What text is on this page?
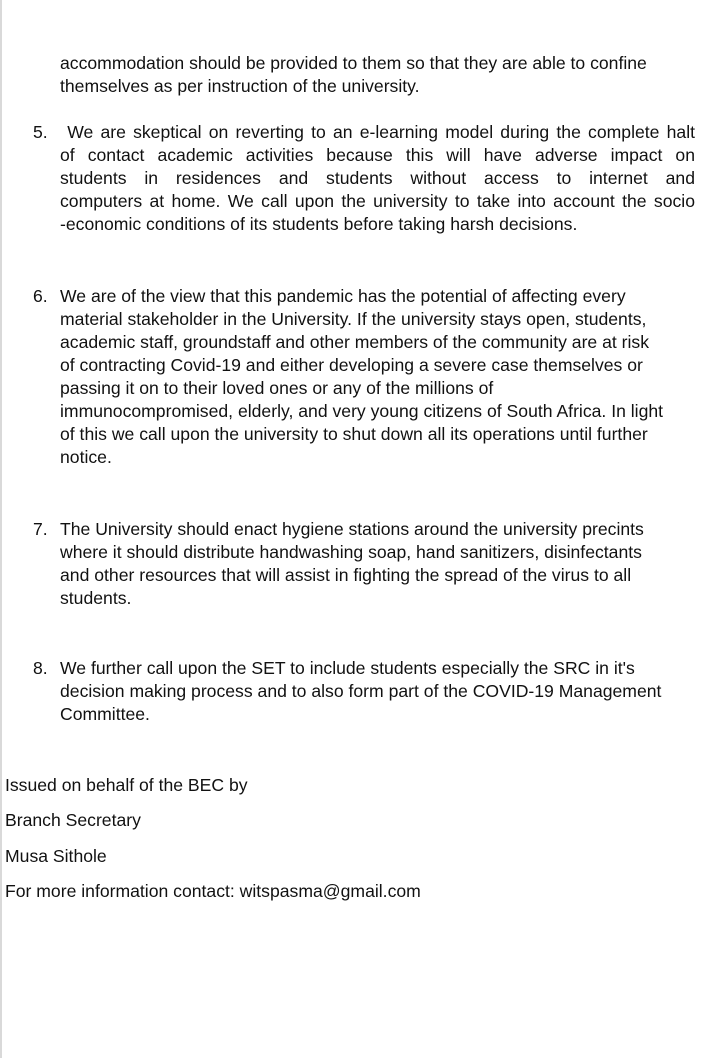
accommodation should be provided to them so that they are able to confine
themselves as per instruction of the university.

5. We are skeptical on reverting to an e-learning model during the complete halt
of contact academic activities because this will have adverse impact on
students in residences and students without access to internet and
computers at home. We call upon the university to take into account the socio
-economic conditions of its students before taking harsh decisions.

6. We are of the view that this pandemic has the potential of affecting every
material stakeholder in the University. If the university stays open, students,
academic staff, groundstaff and other members of the community are at risk
of contracting Covid-19 and either developing a severe case themselves or
passing it on to their loved ones or any of the millions of
immunocompromised, elderly, and very young citizens of South Africa. In light
of this we call upon the university to shut down all its operations until further
notice.

7. The University should enact hygiene stations around the university precints
where it should distribute handwashing soap, hand sanitizers, disinfectants
and other resources that will assist in fighting the spread of the virus to all
students.

8. We further call upon the SET to include students especially the SRC in it's
decision making process and to also form part of the COVID-19 Management
Committee.

Issued on behalf of the BEC by

Branch Secretary

Musa Sithole

For more information contact: witspasma@gmail.com
